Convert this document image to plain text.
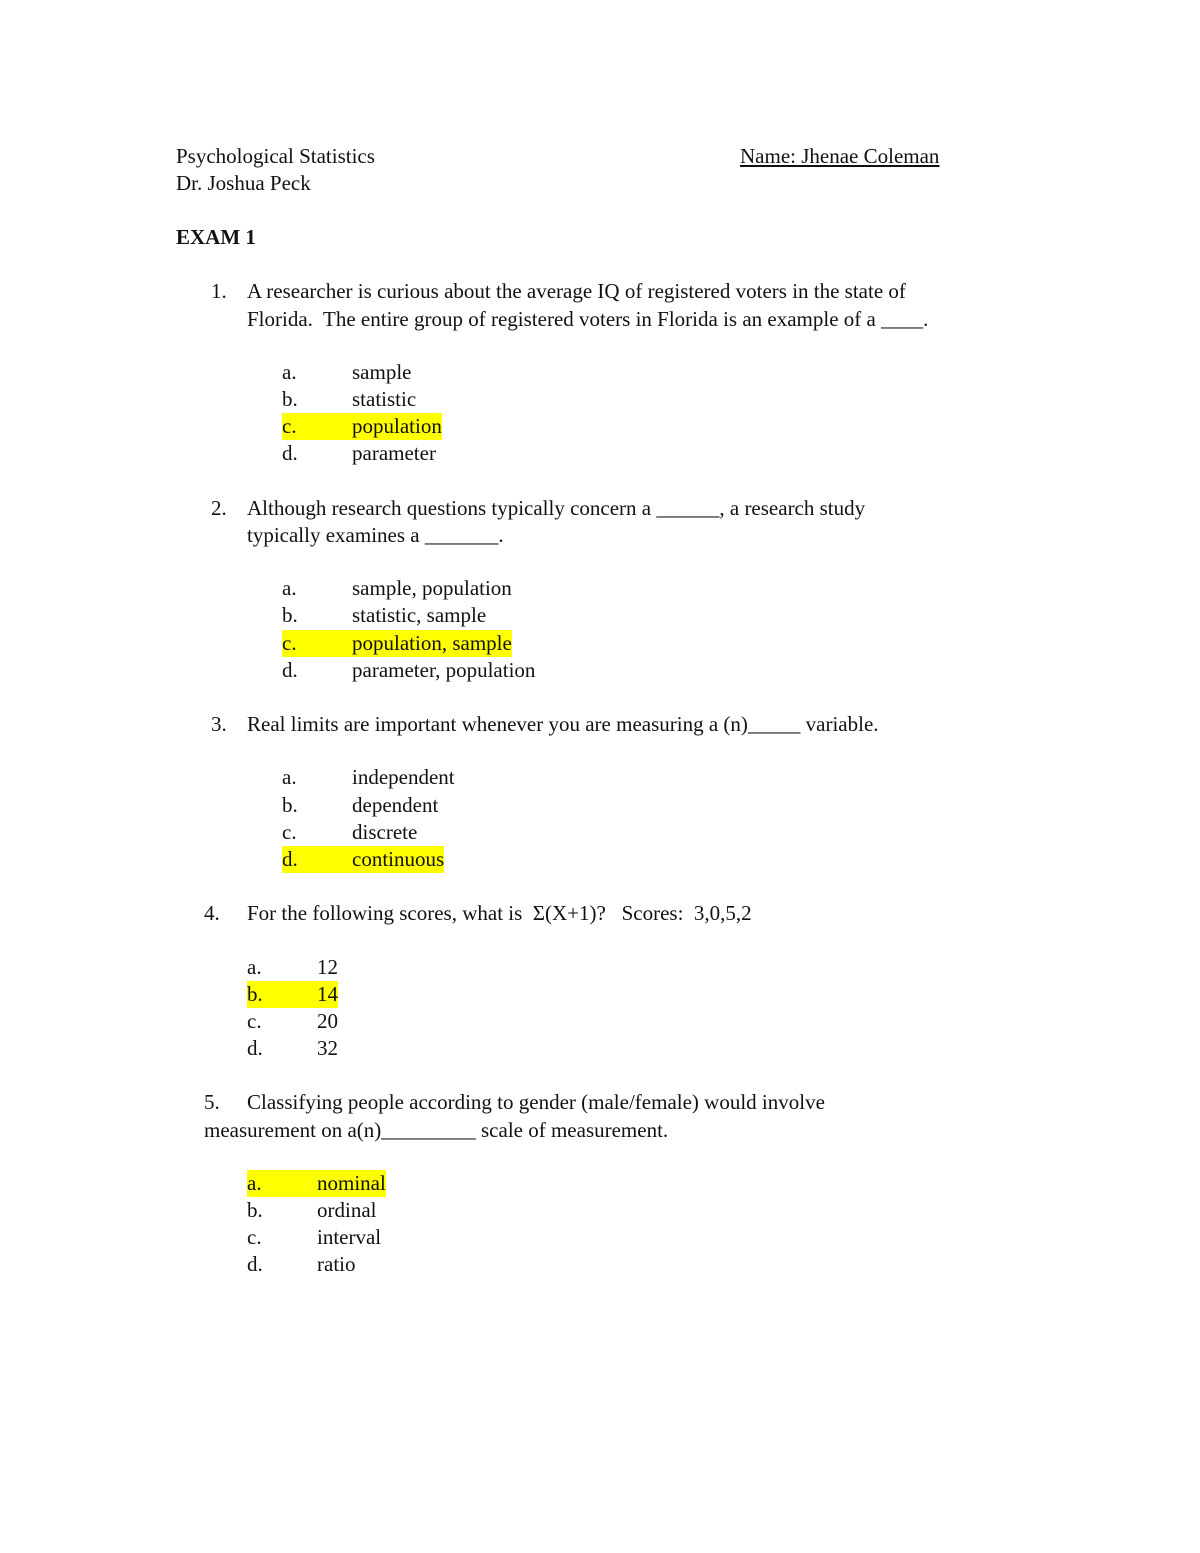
Psychological Statistics	Name: Jhenae Coleman
Dr. Joshua Peck
EXAM 1
1. A researcher is curious about the average IQ of registered voters in the state of
Florida.  The entire group of registered voters in Florida is an example of a ____.
a.	sample
b.	statistic
c.	population
d.	parameter
2. Although research questions typically concern a ______, a research study
typically examines a _______.
a.	sample, population
b.	statistic, sample
c.	population, sample
d.	parameter, population
3. Real limits are important whenever you are measuring a (n)_____ variable.
a.	independent
b.	dependent
c.	discrete
d.	continuous
4. For the following scores, what is  Σ(X+1)?   Scores:  3,0,5,2
a.	12
b.	14
c.	20
d.	32
5. Classifying people according to gender (male/female) would involve
measurement on a(n)_________ scale of measurement.
a.	nominal
b.	ordinal
c.	interval
d.	ratio
